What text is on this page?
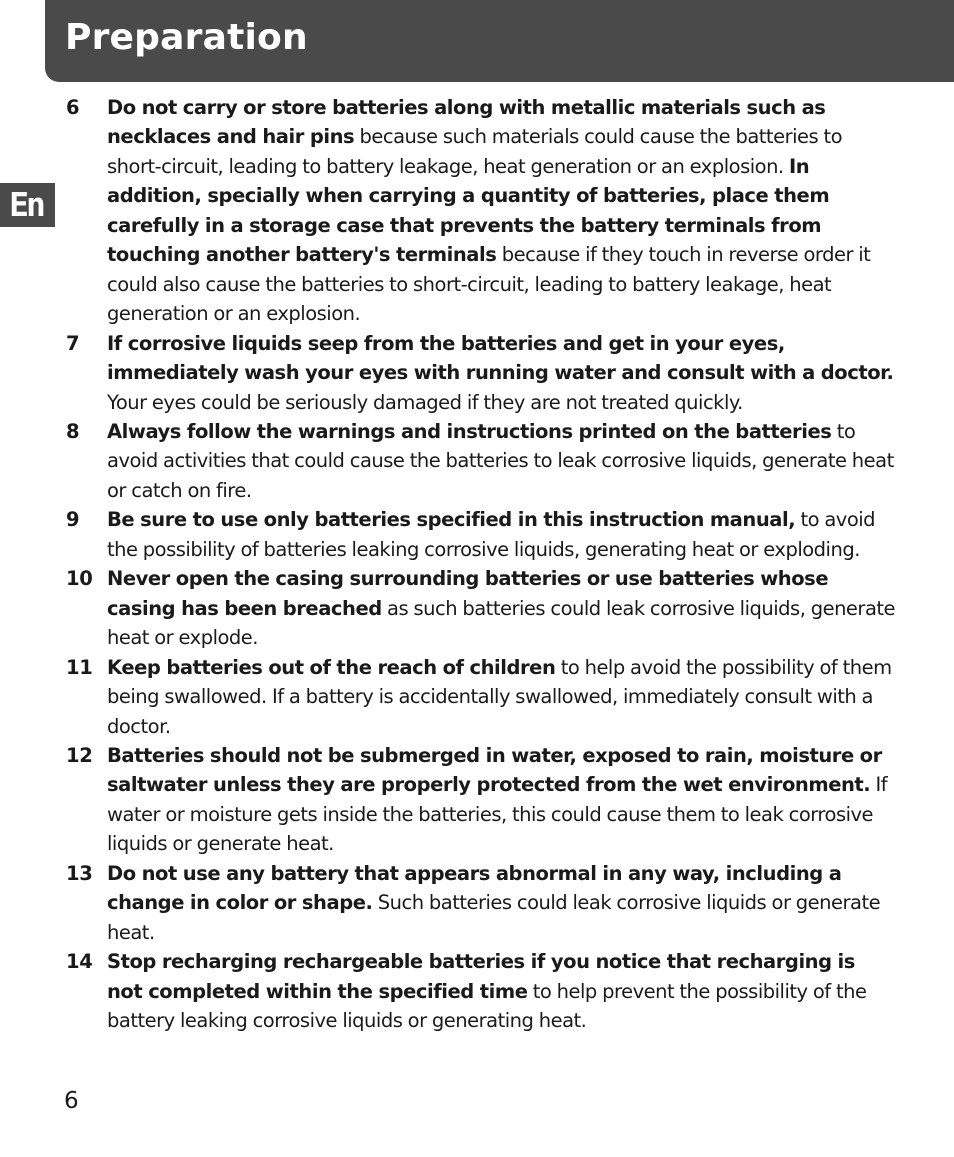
Preparation
En
6	Do not carry or store batteries along with metallic materials such as necklaces and hair pins because such materials could cause the batteries to short-circuit, leading to battery leakage, heat generation or an explosion. In addition, specially when carrying a quantity of batteries, place them carefully in a storage case that prevents the battery terminals from touching another battery's terminals because if they touch in reverse order it could also cause the batteries to short-circuit, leading to battery leakage, heat generation or an explosion.
7	If corrosive liquids seep from the batteries and get in your eyes, immediately wash your eyes with running water and consult with a doctor. Your eyes could be seriously damaged if they are not treated quickly.
8	Always follow the warnings and instructions printed on the batteries to avoid activities that could cause the batteries to leak corrosive liquids, generate heat or catch on fire.
9	Be sure to use only batteries specified in this instruction manual, to avoid the possibility of batteries leaking corrosive liquids, generating heat or exploding.
10 Never open the casing surrounding batteries or use batteries whose casing has been breached as such batteries could leak corrosive liquids, generate heat or explode.
11 Keep batteries out of the reach of children to help avoid the possibility of them being swallowed. If a battery is accidentally swallowed, immediately consult with a doctor.
12 Batteries should not be submerged in water, exposed to rain, moisture or saltwater unless they are properly protected from the wet environment. If water or moisture gets inside the batteries, this could cause them to leak corrosive liquids or generate heat.
13 Do not use any battery that appears abnormal in any way, including a change in color or shape. Such batteries could leak corrosive liquids or generate heat.
14 Stop recharging rechargeable batteries if you notice that recharging is not completed within the specified time to help prevent the possibility of the battery leaking corrosive liquids or generating heat.
6
